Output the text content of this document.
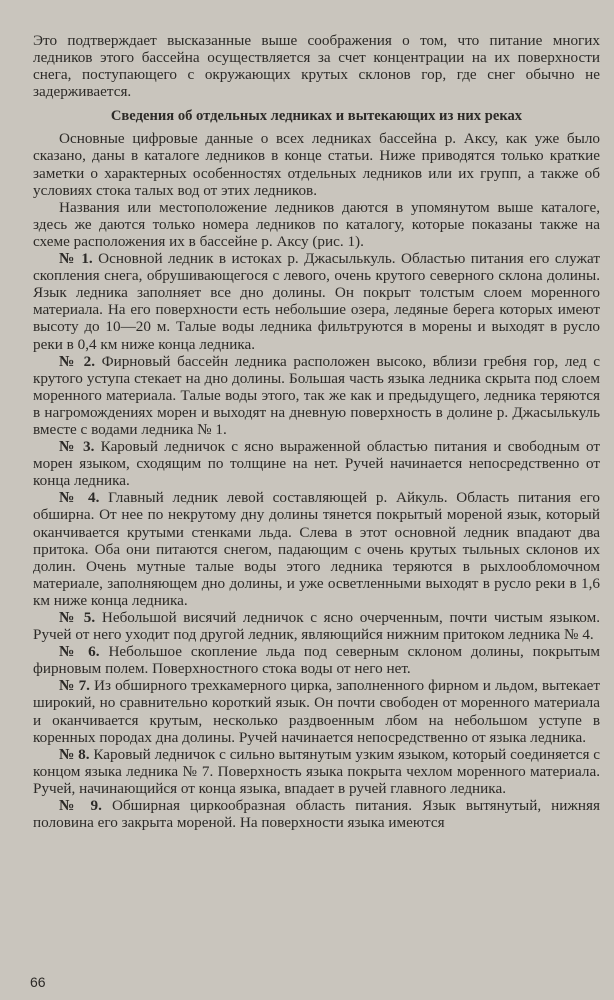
Это подтверждает высказанные выше соображения о том, что питание многих ледников этого бассейна осуществляется за счет концентрации на их поверхности снега, поступающего с окружающих крутых склонов гор, где снег обычно не задерживается.

Сведения об отдельных ледниках и вытекающих из них реках

Основные цифровые данные о всех ледниках бассейна р. Аксу, как уже было сказано, даны в каталоге ледников в конце статьи. Ниже приводятся только краткие заметки о характерных особенностях отдельных ледников или их групп, а также об условиях стока талых вод от этих ледников.

Названия или местоположение ледников даются в упомянутом выше каталоге, здесь же даются только номера ледников по каталогу, которые показаны также на схеме расположения их в бассейне р. Аксу (рис. 1).

№ 1. Основной ледник в истоках р. Джасылькуль. Областью питания его служат скопления снега, обрушивающегося с левого, очень крутого северного склона долины. Язык ледника заполняет все дно долины. Он покрыт толстым слоем моренного материала. На его поверхности есть небольшие озера, ледяные берега которых имеют высоту до 10—20 м. Талые воды ледника фильтруются в морены и выходят в русло реки в 0,4 км ниже конца ледника.

№ 2. Фирновый бассейн ледника расположен высоко, вблизи гребня гор, лед с крутого уступа стекает на дно долины. Большая часть языка ледника скрыта под слоем моренного материала. Талые воды этого, так же как и предыдущего, ледника теряются в нагромождениях морен и выходят на дневную поверхность в долине р. Джасылькуль вместе с водами ледника № 1.

№ 3. Каровый ледничок с ясно выраженной областью питания и свободным от морен языком, сходящим по толщине на нет. Ручей начинается непосредственно от конца ледника.

№ 4. Главный ледник левой составляющей р. Айкуль. Область питания его обширна. От нее по некрутому дну долины тянется покрытый мореной язык, который оканчивается крутыми стенками льда. Слева в этот основной ледник впадают два притока. Оба они питаются снегом, падающим с очень крутых тыльных склонов их долин. Очень мутные талые воды этого ледника теряются в рыхлообломочном материале, заполняющем дно долины, и уже осветленными выходят в русло реки в 1,6 км ниже конца ледника.

№ 5. Небольшой висячий ледничок с ясно очерченным, почти чистым языком. Ручей от него уходит под другой ледник, являющийся нижним притоком ледника № 4.

№ 6. Небольшое скопление льда под северным склоном долины, покрытым фирновым полем. Поверхностного стока воды от него нет.

№ 7. Из обширного трехкамерного цирка, заполненного фирном и льдом, вытекает широкий, но сравнительно короткий язык. Он почти свободен от моренного материала и оканчивается крутым, несколько раздвоенным лбом на небольшом уступе в коренных породах дна долины. Ручей начинается непосредственно от языка ледника.

№ 8. Каровый ледничок с сильно вытянутым узким языком, который соединяется с концом языка ледника № 7. Поверхность языка покрыта чехлом моренного материала. Ручей, начинающийся от конца языка, впадает в ручей главного ледника.

№ 9. Обширная циркообразная область питания. Язык вытянутый, нижняя половина его закрыта мореной. На поверхности языка имеются

66
